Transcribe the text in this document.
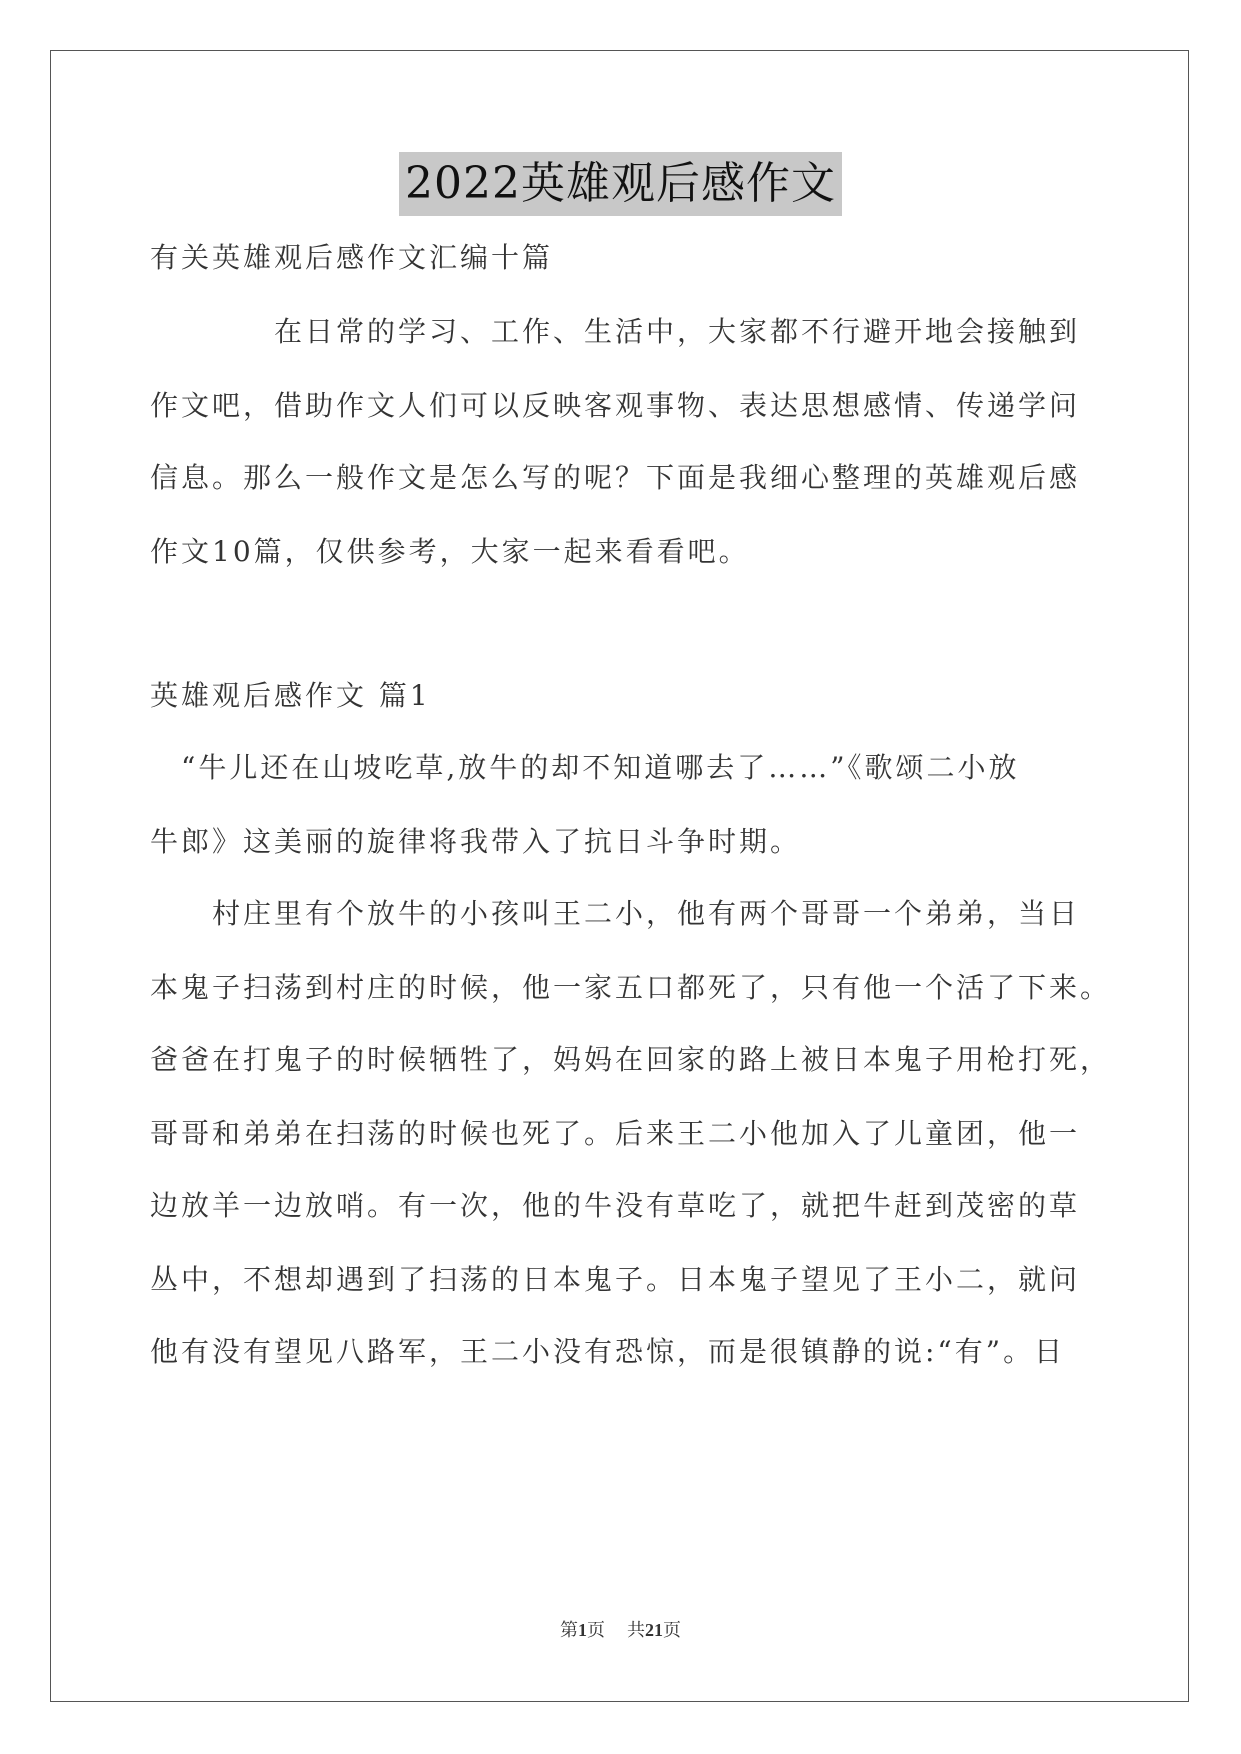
2022英雄观后感作文
有关英雄观后感作文汇编十篇
　　　　在日常的学习、工作、生活中，大家都不行避开地会接触到
作文吧，借助作文人们可以反映客观事物、表达思想感情、传递学问
信息。那么一般作文是怎么写的呢？下面是我细心整理的英雄观后感
作文10篇，仅供参考，大家一起来看看吧。
英雄观后感作文 篇1
　“牛儿还在山坡吃草,放牛的却不知道哪去了……”《歌颂二小放
牛郎》这美丽的旋律将我带入了抗日斗争时期。
　　村庄里有个放牛的小孩叫王二小，他有两个哥哥一个弟弟，当日
本鬼子扫荡到村庄的时候，他一家五口都死了，只有他一个活了下来。
爸爸在打鬼子的时候牺牲了，妈妈在回家的路上被日本鬼子用枪打死，
哥哥和弟弟在扫荡的时候也死了。后来王二小他加入了儿童团，他一
边放羊一边放哨。有一次，他的牛没有草吃了，就把牛赶到茂密的草
丛中，不想却遇到了扫荡的日本鬼子。日本鬼子望见了王小二，就问
他有没有望见八路军，王二小没有恐惊，而是很镇静的说:“有”。日
第1页 共21页
